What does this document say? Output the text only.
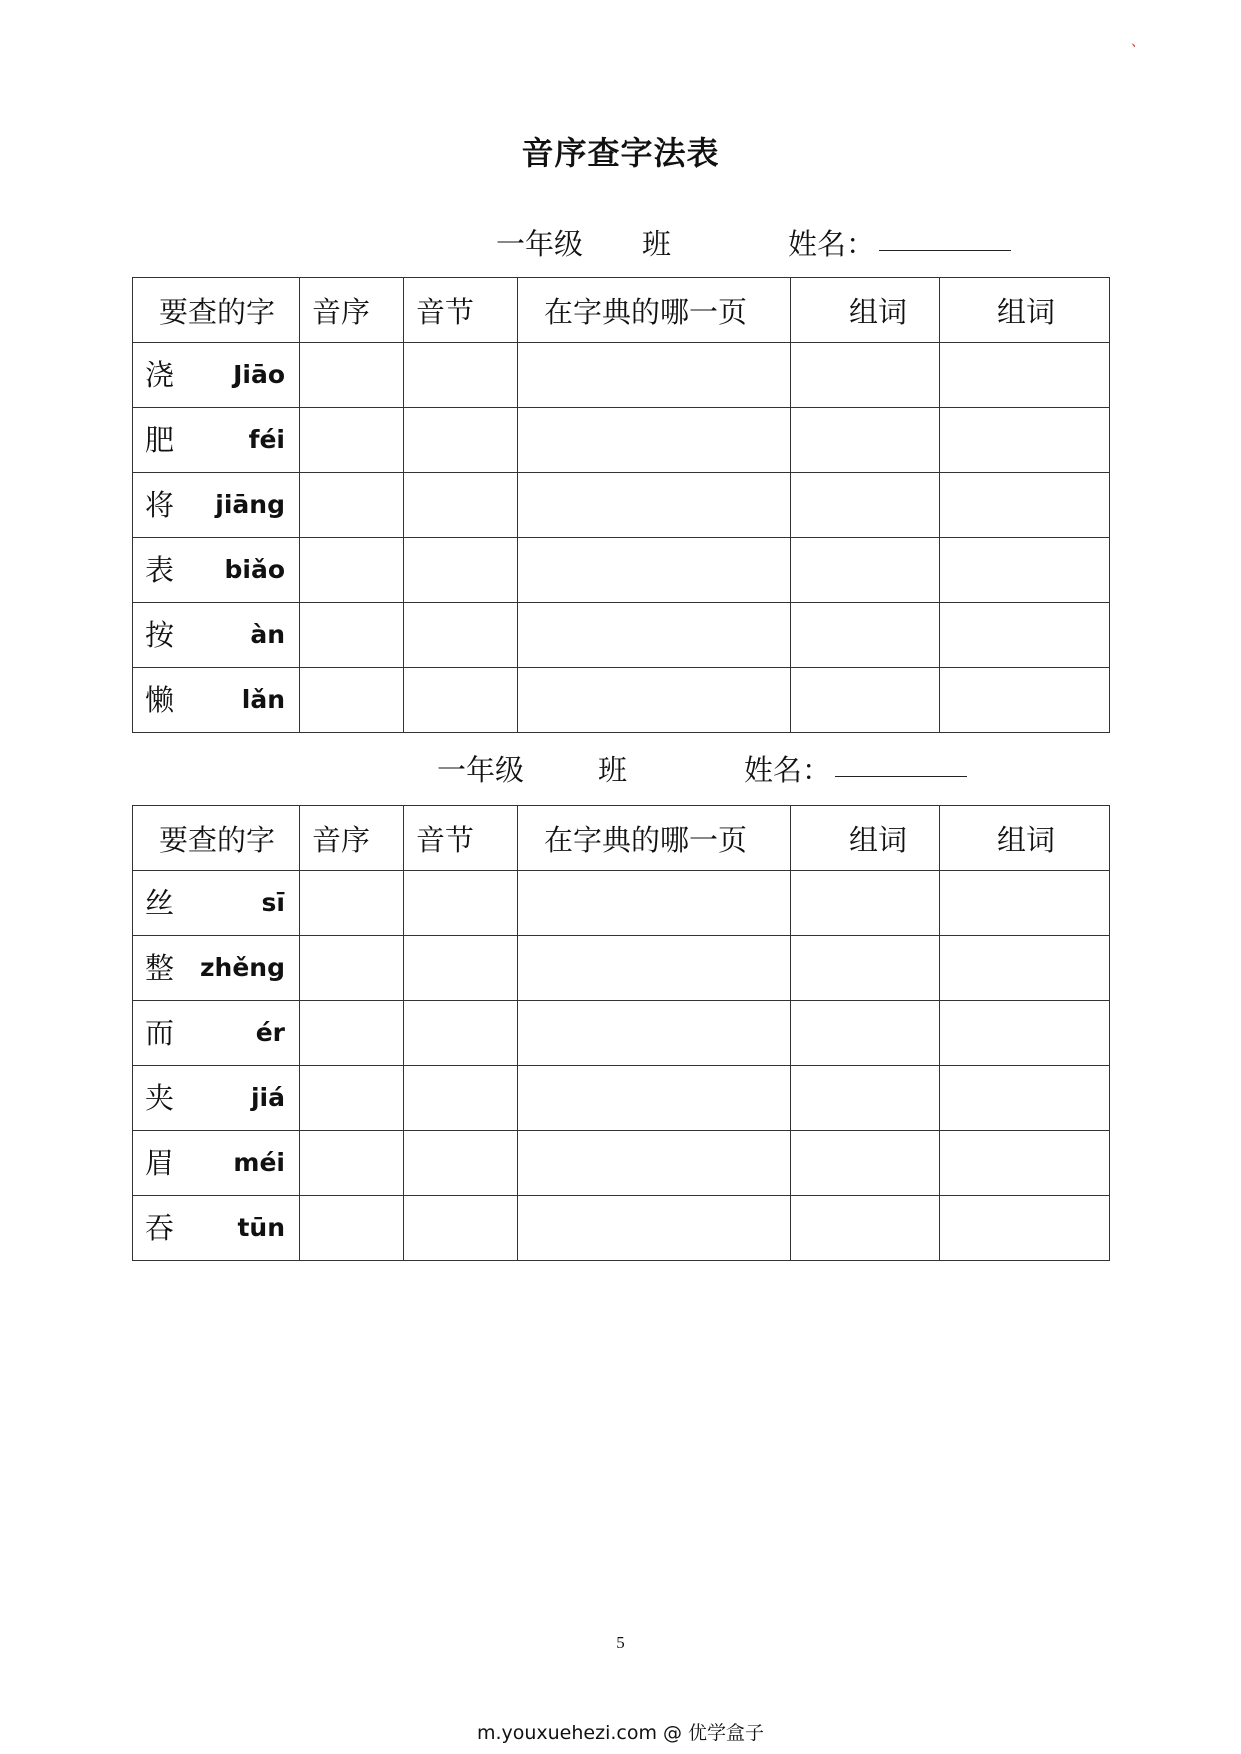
、
音序查字法表
一年级 班	姓名：
要查的字	音序	音节	在字典的哪一页	组词	组词

浇 Jiāo					

肥 féi					

将 jiāng					

表 biǎo					

按 àn					

懒 lǎn					

一年级	班	姓名：
要查的字	音序	音节	在字典的哪一页	组词	组词

丝 sī					

整 zhěng					

而 ér					

夹 jiá					

眉 méi					

吞 tūn					

5
m.youxuehezi.com @ 优学盒子
